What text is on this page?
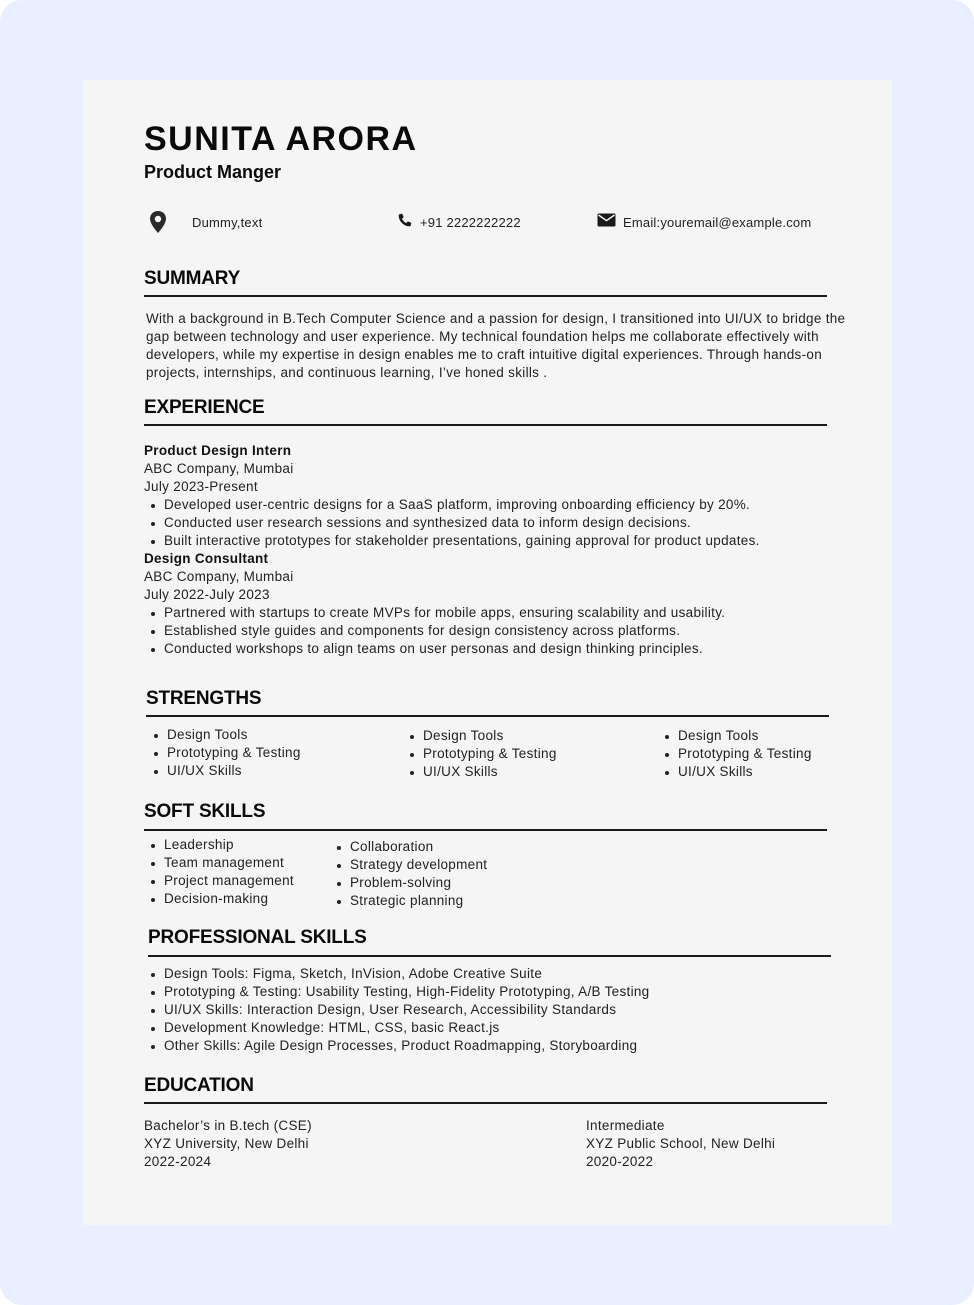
SUNITA ARORA
Product Manger
Dummy,text	+91 2222222222	Email:youremail@example.com
SUMMARY
With a background in B.Tech Computer Science and a passion for design, I transitioned into UI/UX to bridge the gap between technology and user experience. My technical foundation helps me collaborate effectively with developers, while my expertise in design enables me to craft intuitive digital experiences. Through hands-on projects, internships, and continuous learning, I’ve honed skills .
EXPERIENCE
Product Design Intern
ABC Company, Mumbai
July 2023-Present
Developed user-centric designs for a SaaS platform, improving onboarding efficiency by 20%.
Conducted user research sessions and synthesized data to inform design decisions.
Built interactive prototypes for stakeholder presentations, gaining approval for product updates.
Design Consultant
ABC Company, Mumbai
July 2022-July 2023
Partnered with startups to create MVPs for mobile apps, ensuring scalability and usability.
Established style guides and components for design consistency across platforms.
Conducted workshops to align teams on user personas and design thinking principles.
STRENGTHS
Design Tools
Prototyping & Testing
UI/UX Skills
Design Tools
Prototyping & Testing
UI/UX Skills
Design Tools
Prototyping & Testing
UI/UX Skills
SOFT SKILLS
Leadership
Team management
Project management
Decision-making
Collaboration
Strategy development
Problem-solving
Strategic planning
PROFESSIONAL SKILLS
Design Tools: Figma, Sketch, InVision, Adobe Creative Suite
Prototyping & Testing: Usability Testing, High-Fidelity Prototyping, A/B Testing
UI/UX Skills: Interaction Design, User Research, Accessibility Standards
Development Knowledge: HTML, CSS, basic React.js
Other Skills: Agile Design Processes, Product Roadmapping, Storyboarding
EDUCATION
Bachelor’s in B.tech (CSE)
XYZ University, New Delhi
2022-2024
Intermediate
XYZ Public School, New Delhi
2020-2022
